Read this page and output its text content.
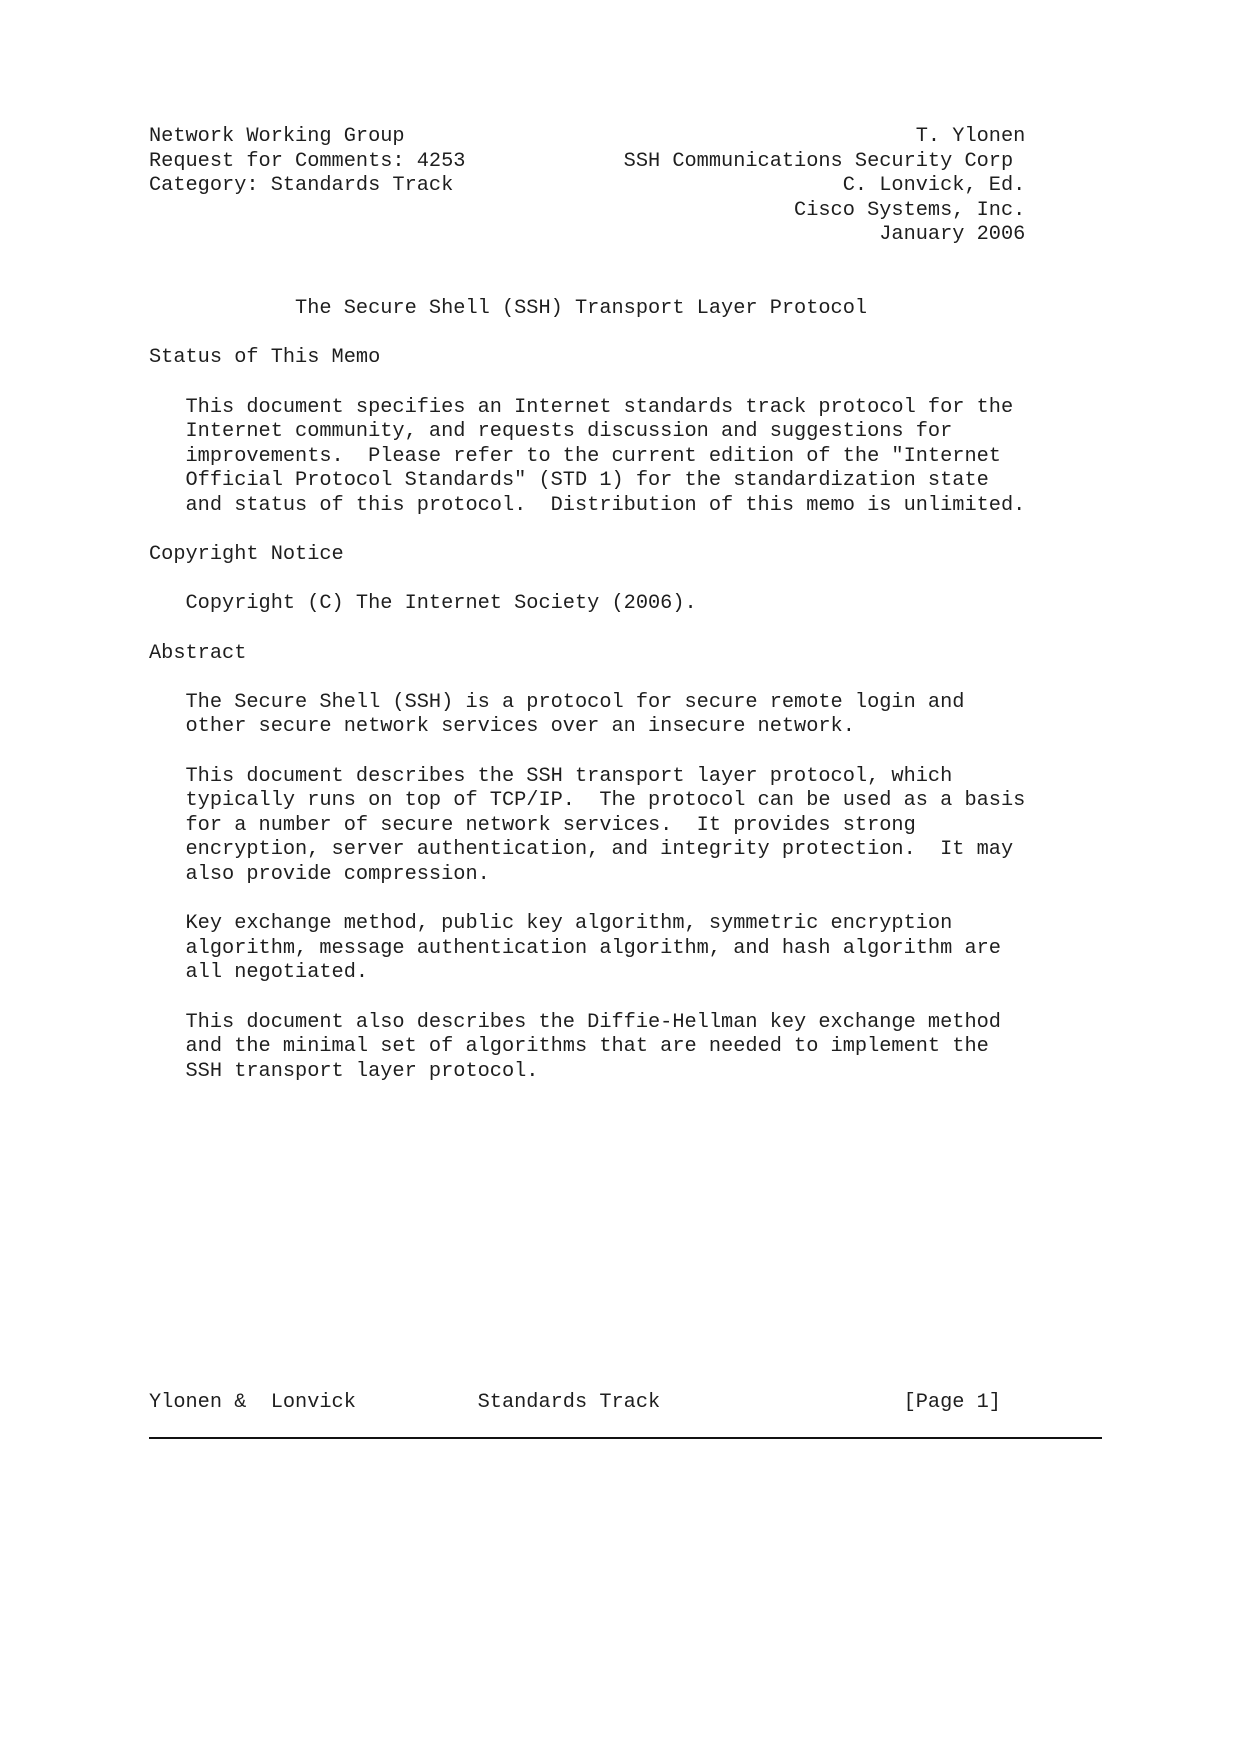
Network Working Group                                          T. Ylonen
Request for Comments: 4253             SSH Communications Security Corp
Category: Standards Track                                C. Lonvick, Ed.
Cisco Systems, Inc.
January 2006
The Secure Shell (SSH) Transport Layer Protocol
Status of This Memo
This document specifies an Internet standards track protocol for the
Internet community, and requests discussion and suggestions for
improvements.  Please refer to the current edition of the "Internet
Official Protocol Standards" (STD 1) for the standardization state
and status of this protocol.  Distribution of this memo is unlimited.
Copyright Notice
Copyright (C) The Internet Society (2006).
Abstract
The Secure Shell (SSH) is a protocol for secure remote login and
other secure network services over an insecure network.
This document describes the SSH transport layer protocol, which
typically runs on top of TCP/IP.  The protocol can be used as a basis
for a number of secure network services.  It provides strong
encryption, server authentication, and integrity protection.  It may
also provide compression.
Key exchange method, public key algorithm, symmetric encryption
algorithm, message authentication algorithm, and hash algorithm are
all negotiated.
This document also describes the Diffie-Hellman key exchange method
and the minimal set of algorithms that are needed to implement the
SSH transport layer protocol.
Ylonen &  Lonvick          Standards Track                    [Page 1]
